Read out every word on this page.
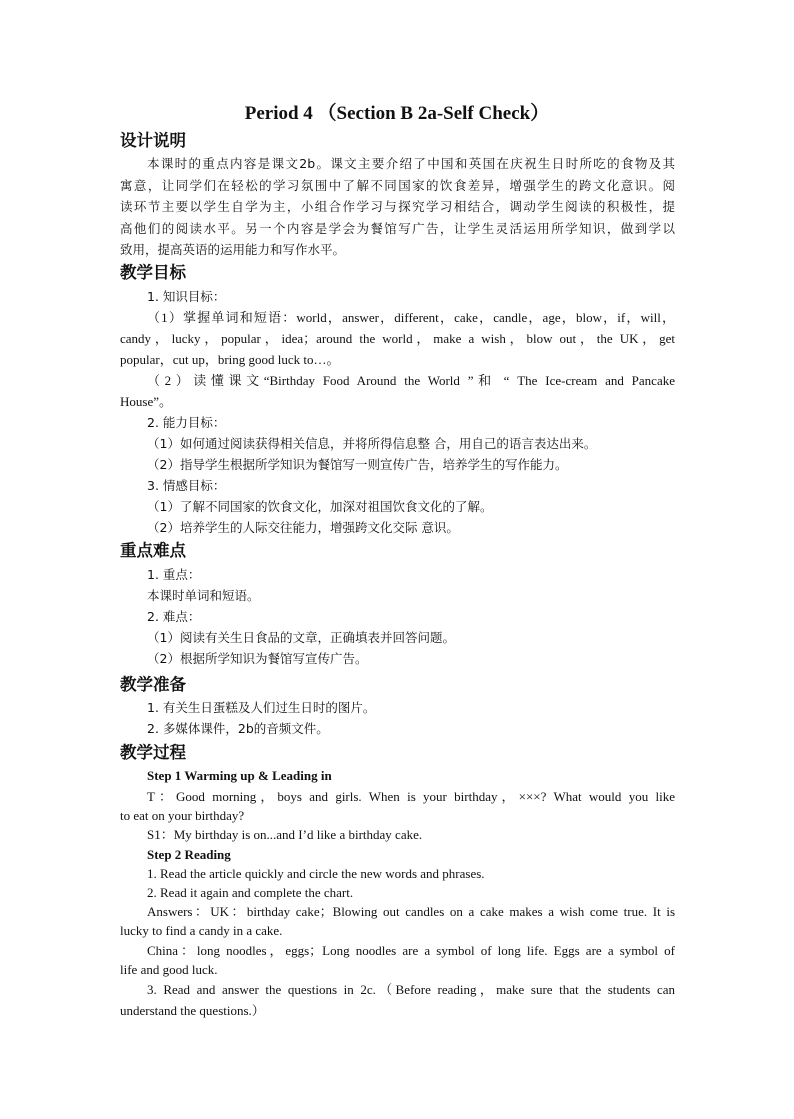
Period 4 （Section B 2a-Self Check）
设计说明
本课时的重点内容是课文2b。课文主要介绍了中国和英国在庆祝生日时所吃的食物及其
寓意，让同学们在轻松的学习氛围中了解不同国家的饮食差异，增强学生的跨文化意识。阅
读环节主要以学生自学为主，小组合作学习与探究学习相结合，调动学生阅读的积极性，提
高他们的阅读水平。另一个内容是学会为餐馆写广告，让学生灵活运用所学知识，做到学以
致用，提高英语的运用能力和写作水平。
教学目标
1. 知识目标：
（1）掌握单词和短语：world，answer，different，cake，candle，age，blow，if，will，
candy，lucky，popular，idea；around the world，make a wish，blow out，the UK，get
popular，cut up，bring good luck to…。
（2）读懂课文“Birthday Food Around the World ”和 “ The Ice-cream and Pancake
House”。
2. 能力目标：
（1）如何通过阅读获得相关信息，并将所得信息整 合，用自己的语言表达出来。
（2）指导学生根据所学知识为餐馆写一则宣传广告，培养学生的写作能力。
3. 情感目标：
（1）了解不同国家的饮食文化，加深对祖国饮食文化的了解。
（2）培养学生的人际交往能力，增强跨文化交际 意识。
重点难点
1. 重点：
本课时单词和短语。
2. 难点：
（1）阅读有关生日食品的文章，正确填表并回答问题。
（2）根据所学知识为餐馆写宣传广告。
教学准备
1. 有关生日蛋糕及人们过生日时的图片。
2. 多媒体课件，2b的音频文件。
教学过程
Step 1 Warming up & Leading in
T：Good morning，boys and girls. When is your birthday，×××? What would you like
to eat on your birthday?
S1：My birthday is on...and I’d like a birthday cake.
Step 2 Reading
1. Read the article quickly and circle the new words and phrases.
2. Read it again and complete the chart.
Answers：UK：birthday cake；Blowing out candles on a cake makes a wish come true. It is
lucky to find a candy in a cake.
China：long noodles，eggs；Long noodles are a symbol of long life. Eggs are a symbol of
life and good luck.
3. Read and answer the questions in 2c.（Before reading，make sure that the students can
understand the questions.）
